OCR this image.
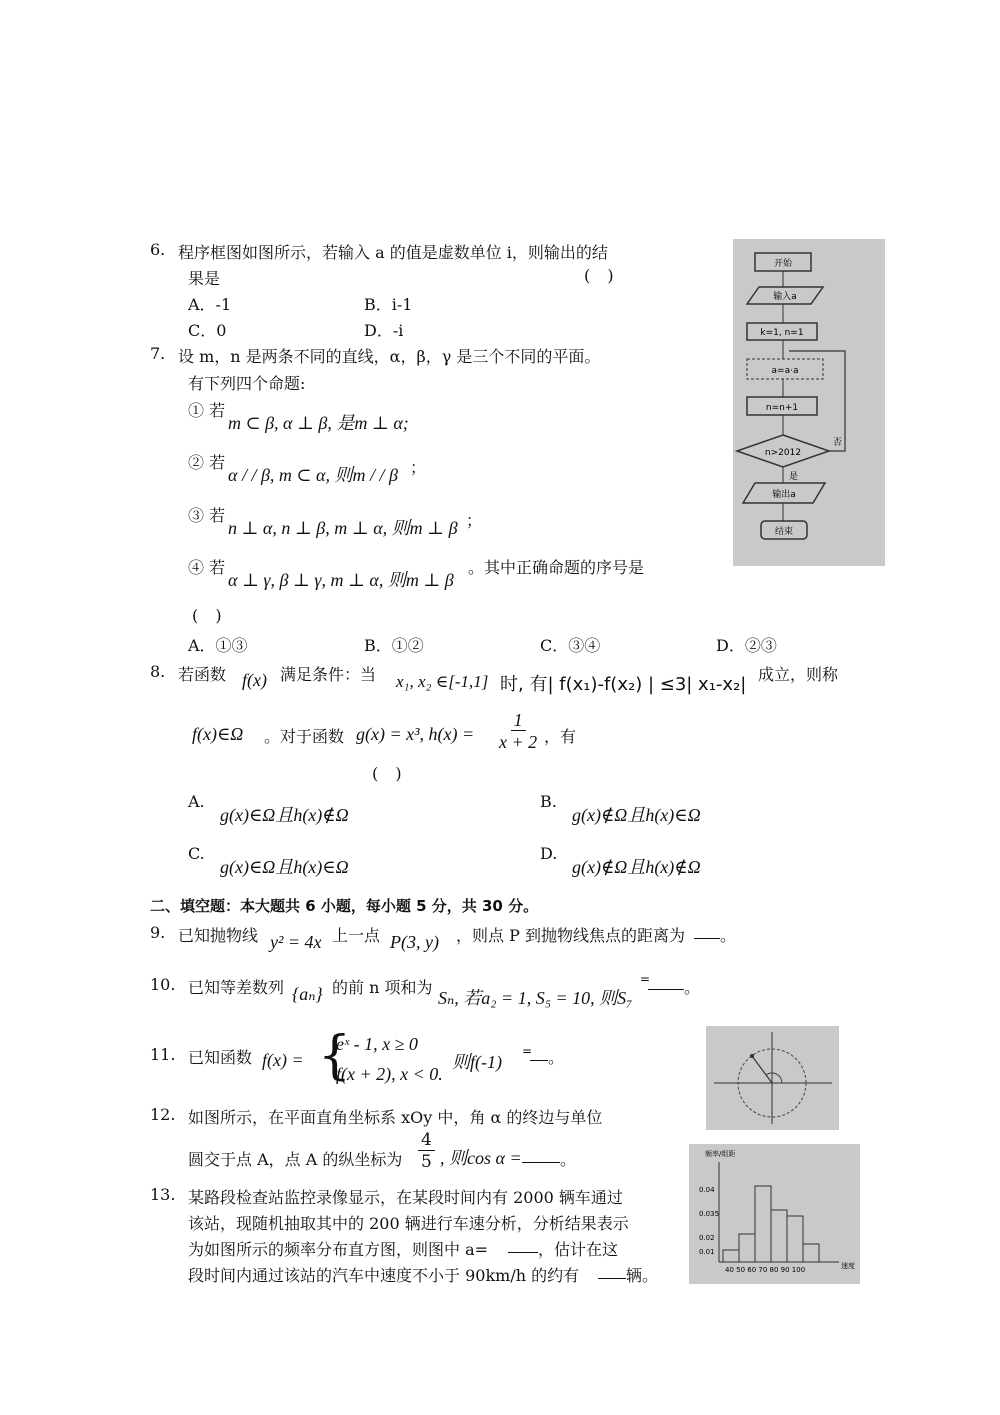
6. 程序框图如图所示，若输入 a 的值是虚数单位 i，则输出的结
果是	( )
A．-1	B．i-1
C．0	D．-i
开始
输入a
k=1, n=1
a=a·a
n=n+1
n>2012
否
是
输出a
结束
7. 设 m，n 是两条不同的直线，α，β，γ 是三个不同的平面。
有下列四个命题:
① 若
m ⊂ β, α ⊥ β, 是m ⊥ α;
② 若
α / / β, m ⊂ α, 则m / / β ；
③ 若
n ⊥ α, n ⊥ β, m ⊥ α, 则m ⊥ β ；
④ 若
α ⊥ γ, β ⊥ γ, m ⊥ α, 则m ⊥ β
。其中正确命题的序号是
( )
A．①③	B．①②	C．③④	D．②③
8. 若函数 f(x) 满足条件：当 x₁, x₂ ∈[-1,1] 时, 有| f(x₁)-f(x₂) | ≤3| x₁-x₂| 成立，则称
f(x)∈Ω 。对于函数 g(x) = x³, $h(x) = \frac{1}{x + 2}$ ，有
( )
A.
g(x)∈Ω且h(x)∉Ω
B.
g(x)∉Ω且h(x)∈Ω
C.
g(x)∈Ω且h(x)∈Ω
D.
g(x)∉Ω且h(x)∉Ω
二、填空题：本大题共 6 小题，每小题 5 分，共 30 分。
9. 已知抛物线 y² = 4x 上一点 P(3, y) ，则点 P 到抛物线焦点的距离为 。
10. 已知等差数列 {aₙ} 的前 n 项和为
Sₙ, 若a₂ = 1, S₅ = 10, 则S₇
= 。
11. 已知函数 f(x) = {
eˣ - 1, x ≥ 0
f(x + 2), x < 0.
则f(-1)
= 。
12. 如图所示，在平面直角坐标系 xOy 中，角 α 的终边与单位
圆交于点 A，点 A 的纵坐标为 $\frac{4}{5}$ , 则cos α = 。	频率/组距
速度
0.04
0.035
0.02
0.01
40 50 60 70 80 90 100
13. 某路段检查站监控录像显示，在某段时间内有 2000 辆车通过
该站，现随机抽取其中的 200 辆进行车速分析，分析结果表示
为如图所示的频率分布直方图，则图中 a=	，估计在这
段时间内通过该站的汽车中速度不小于 90km/h 的约有	辆。
